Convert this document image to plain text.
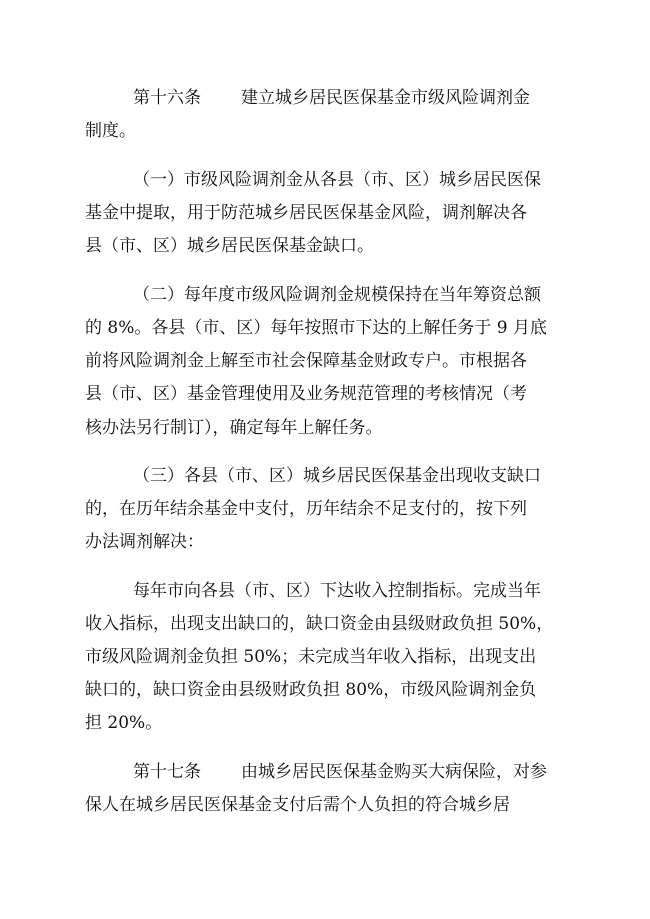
第十六条 建立城乡居民医保基金市级风险调剂金
制度。
（一）市级风险调剂金从各县（市、区）城乡居民医保
基金中提取，用于防范城乡居民医保基金风险，调剂解决各
县（市、区）城乡居民医保基金缺口。
（二）每年度市级风险调剂金规模保持在当年筹资总额
的 8%。各县（市、区）每年按照市下达的上解任务于 9 月底
前将风险调剂金上解至市社会保障基金财政专户。市根据各
县（市、区）基金管理使用及业务规范管理的考核情况（考
核办法另行制订），确定每年上解任务。
（三）各县（市、区）城乡居民医保基金出现收支缺口
的，在历年结余基金中支付，历年结余不足支付的，按下列
办法调剂解决：
每年市向各县（市、区）下达收入控制指标。完成当年
收入指标，出现支出缺口的，缺口资金由县级财政负担 50%，
市级风险调剂金负担 50%；未完成当年收入指标，出现支出
缺口的，缺口资金由县级财政负担 80%，市级风险调剂金负
担 20%。
第十七条 由城乡居民医保基金购买大病保险，对参
保人在城乡居民医保基金支付后需个人负担的符合城乡居
